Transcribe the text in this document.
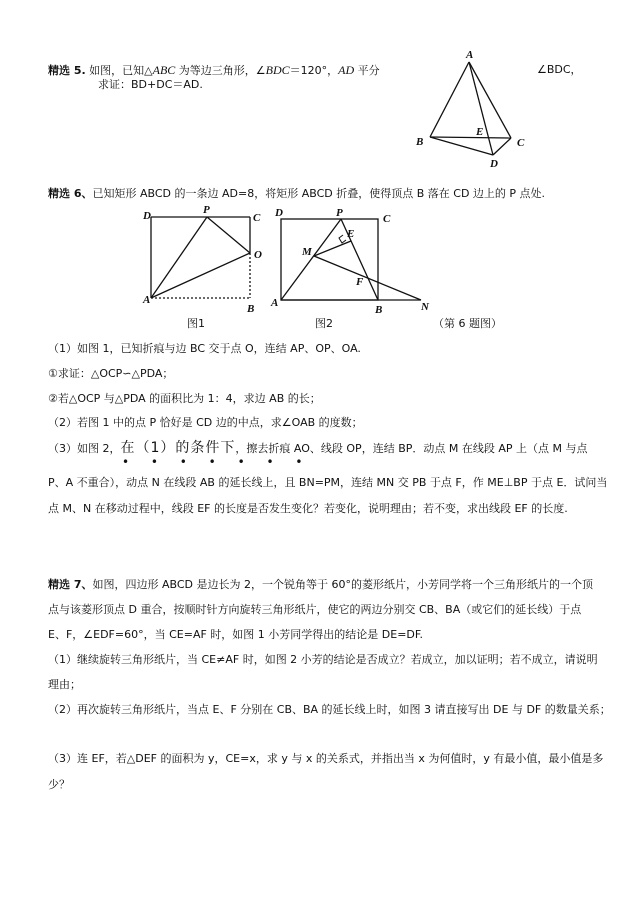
精选 5. 如图，已知△ABC 为等边三角形，∠BDC＝120°，AD 平分	∠BDC，
求证：BD+DC＝AD.
A
B	C
D
E
精选 6、已知矩形 ABCD 的一条边 AD=8，将矩形 ABCD 折叠，使得顶点 B 落在 CD 边上的 P 点处.
D	P
C
O
A
B
图1
D	P	C
E
M
F
A
B	N
图2	（第 6 题图）
（1）如图 1，已知折痕与边 BC 交于点 O，连结 AP、OP、OA.
①求证：△OCP∽△PDA；
②若△OCP 与△PDA 的面积比为 1：4，求边 AB 的长；
（2）若图 1 中的点 P 恰好是 CD 边的中点，求∠OAB 的度数；
（3）如图 2，在（1）的条件下，擦去折痕 AO、线段 OP，连结 BP．动点 M 在线段 AP 上（点 M 与点
• • • • • • •
P、A 不重合），动点 N 在线段 AB 的延长线上，且 BN=PM，连结 MN 交 PB 于点 F，作 ME⊥BP 于点 E．试问当
点 M、N 在移动过程中，线段 EF 的长度是否发生变化？若变化，说明理由；若不变，求出线段 EF 的长度.
精选 7、如图，四边形 ABCD 是边长为 2，一个锐角等于 60°的菱形纸片，小芳同学将一个三角形纸片的一个顶
点与该菱形顶点 D 重合，按顺时针方向旋转三角形纸片，使它的两边分别交 CB、BA（或它们的延长线）于点
E、F，∠EDF=60°，当 CE=AF 时，如图 1 小芳同学得出的结论是 DE=DF.
（1）继续旋转三角形纸片，当 CE≠AF 时，如图 2 小芳的结论是否成立？若成立，加以证明；若不成立，请说明
理由；
（2）再次旋转三角形纸片，当点 E、F 分别在 CB、BA 的延长线上时，如图 3 请直接写出 DE 与 DF 的数量关系；
（3）连 EF，若△DEF 的面积为 y，CE=x，求 y 与 x 的关系式，并指出当 x 为何值时，y 有最小值，最小值是多
少？
